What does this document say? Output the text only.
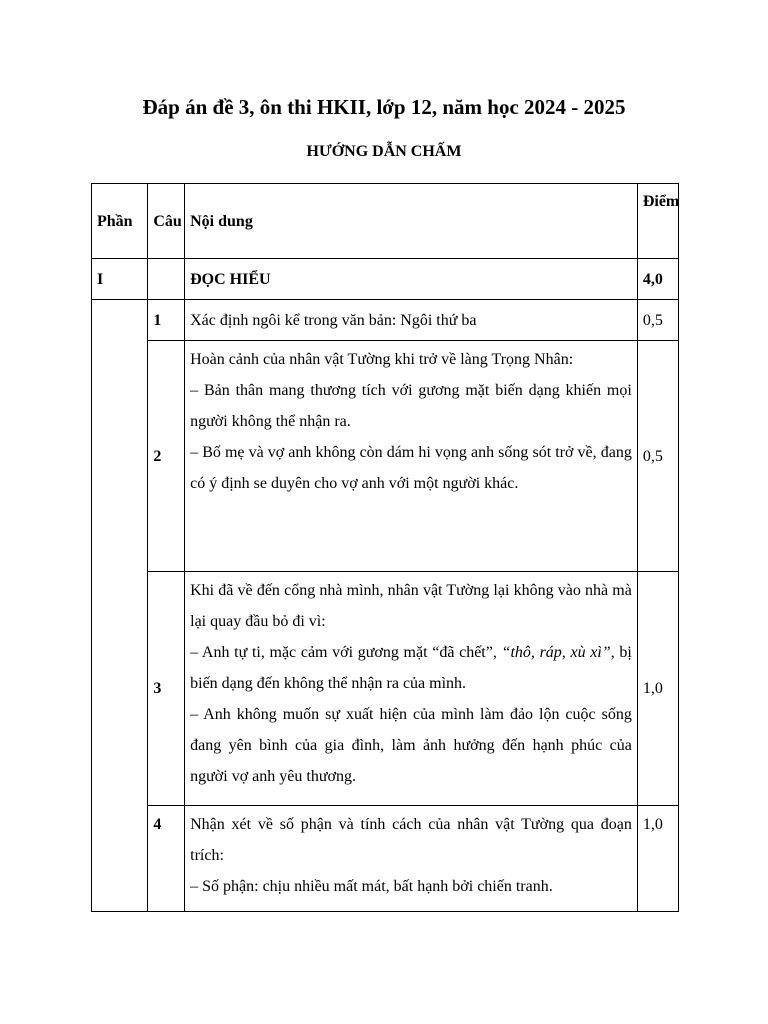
Đáp án đề 3, ôn thi HKII, lớp 12, năm học 2024 - 2025
HƯỚNG DẪN CHẤM
Phần	Câu	Nội dung	Điểm
I		ĐỌC HIỂU	4,0
	1	Xác định ngôi kể trong văn bản: Ngôi thứ ba	0,5
	2	Hoàn cảnh của nhân vật Tường khi trở về làng Trọng Nhân:
– Bản thân mang thương tích với gương mặt biến dạng khiến mọi người không thể nhận ra.
– Bố mẹ và vợ anh không còn dám hi vọng anh sống sót trở về, đang có ý định se duyên cho vợ anh với một người khác.	0,5
	3	Khi đã về đến cổng nhà mình, nhân vật Tường lại không vào nhà mà lại quay đầu bỏ đi vì:
– Anh tự ti, mặc cảm với gương mặt “đã chết”, “thô, ráp, xù xì”, bị biến dạng đến không thể nhận ra của mình.
– Anh không muốn sự xuất hiện của mình làm đảo lộn cuộc sống đang yên bình của gia đình, làm ảnh hưởng đến hạnh phúc của người vợ anh yêu thương.	1,0
	4	Nhận xét về số phận và tính cách của nhân vật Tường qua đoạn trích:
– Số phận: chịu nhiều mất mát, bất hạnh bởi chiến tranh.	1,0
